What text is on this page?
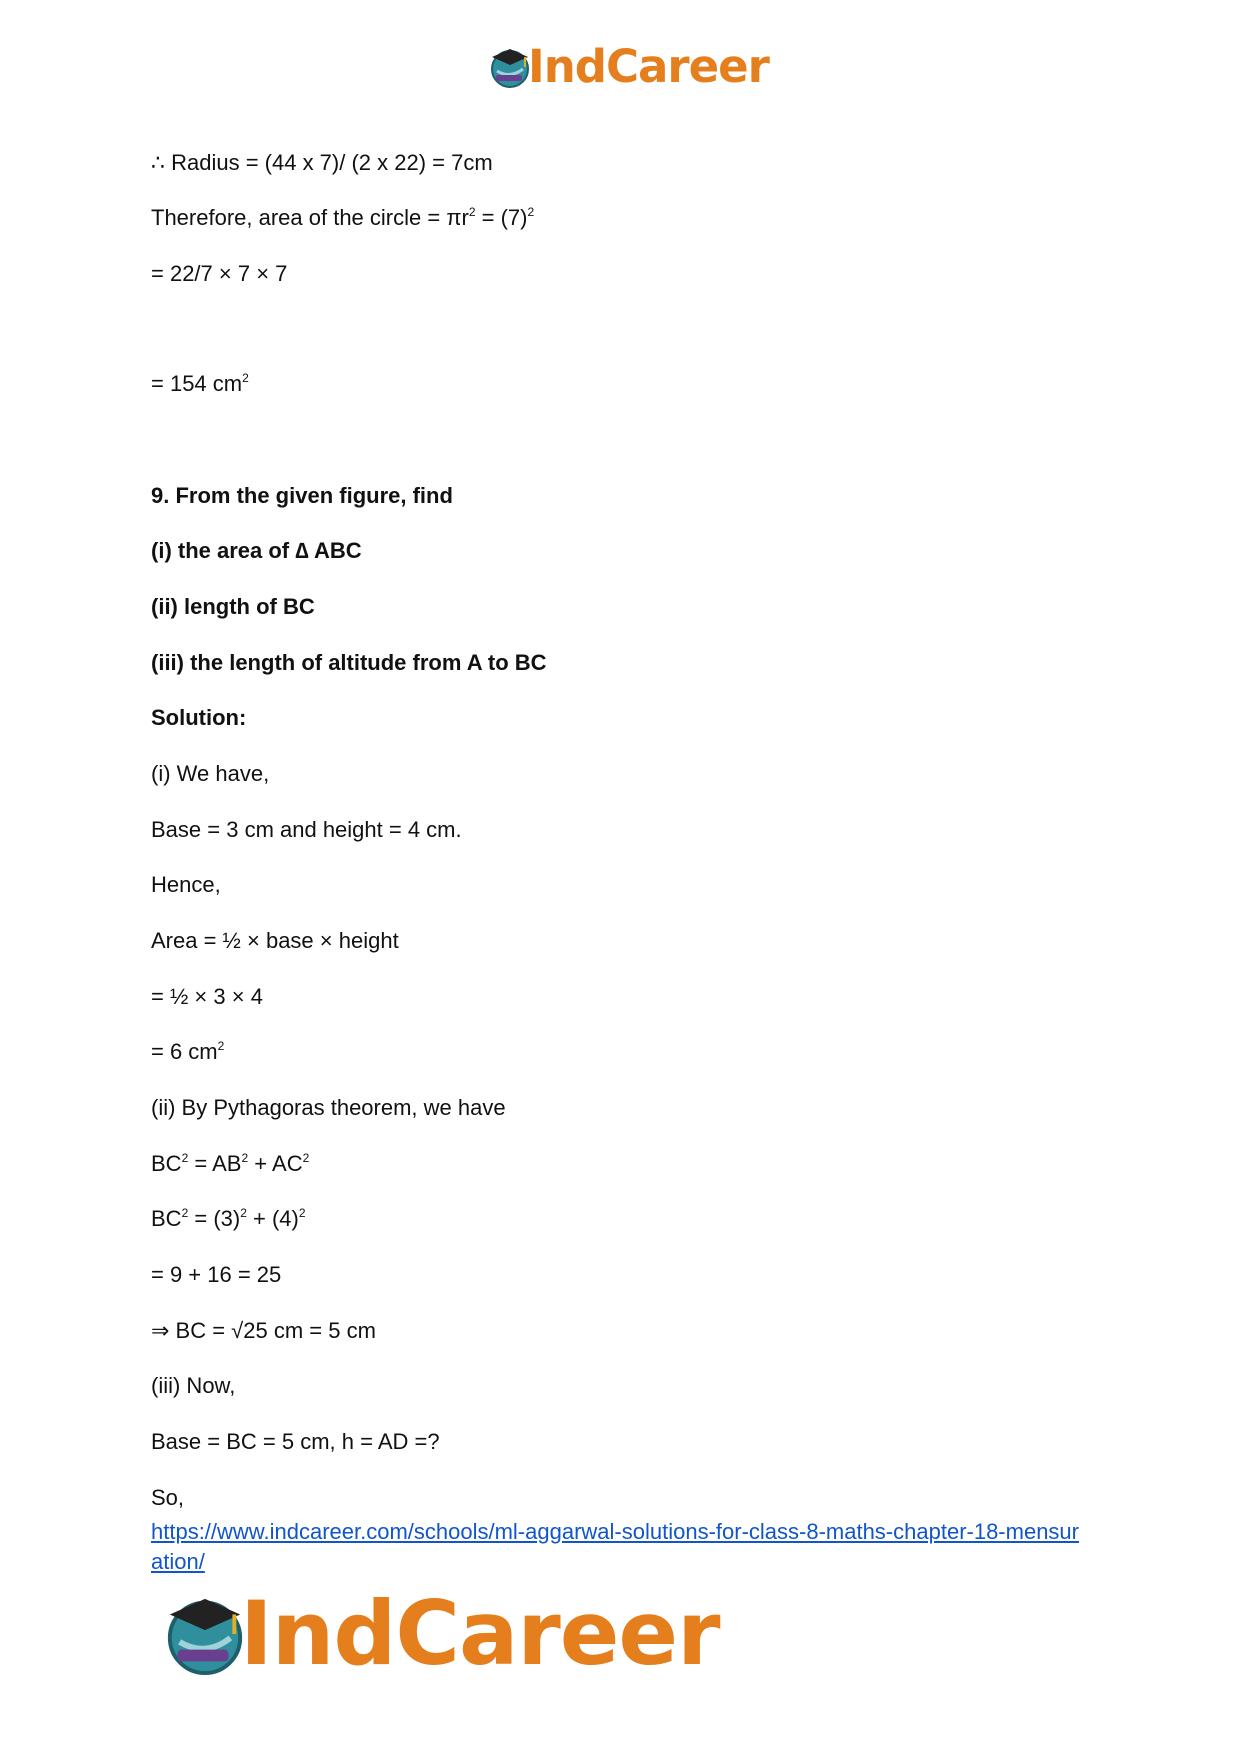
IndCareer
∴ Radius = (44 x 7)/ (2 x 22) = 7cm
Therefore, area of the circle = $\pi r^2 = (7)^2$
= 22/7 × 7 × 7
= 154 $cm^2$
9. From the given figure, find
(i) the area of ∆ ABC
(ii) length of BC
(iii) the length of altitude from A to BC
Solution:
(i) We have,
Base = 3 cm and height = 4 cm.
Hence,
Area = ½ × base × height
= ½ × 3 × 4
= 6 $cm^2$
(ii) By Pythagoras theorem, we have
$BC^2 = AB^2 + AC^2$
$BC^2 = (3)^2 + (4)^2$
= 9 + 16 = 25
⇒ BC = √25 cm = 5 cm
(iii) Now,
Base = BC = 5 cm, h = AD =?
So,
https://www.indcareer.com/schools/ml-aggarwal-solutions-for-class-8-maths-chapter-18-mensuration/
IndCareer
